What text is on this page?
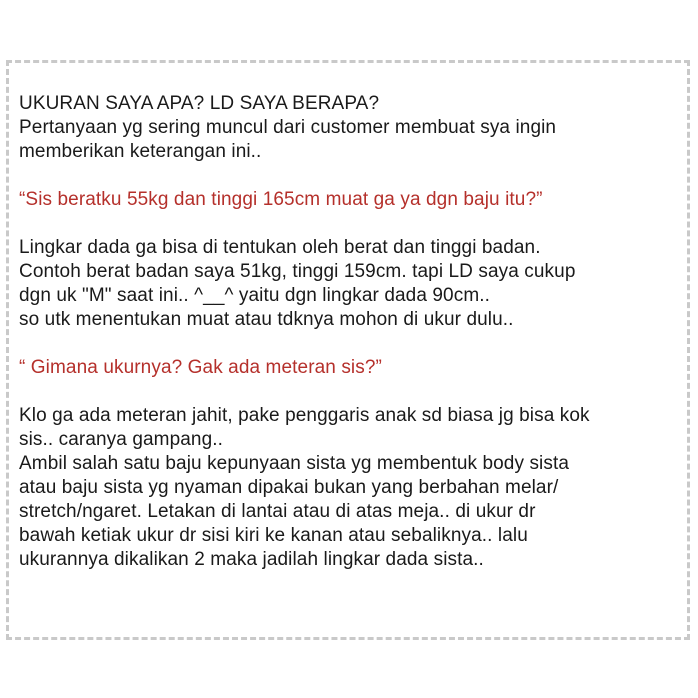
UKURAN SAYA APA? LD SAYA BERAPA?
Pertanyaan yg sering muncul dari customer membuat sya ingin
memberikan keterangan ini..
“Sis beratku 55kg dan tinggi 165cm muat ga ya dgn baju itu?”
Lingkar dada ga bisa di tentukan oleh berat dan tinggi badan.
Contoh berat badan saya 51kg, tinggi 159cm. tapi LD saya cukup
dgn uk "M" saat ini.. ^__^ yaitu dgn lingkar dada 90cm..
so utk menentukan muat atau tdknya mohon di ukur dulu..
“ Gimana ukurnya? Gak ada meteran sis?”
Klo ga ada meteran jahit, pake penggaris anak sd biasa jg bisa kok
sis.. caranya gampang..
Ambil salah satu baju kepunyaan sista yg membentuk body sista
atau baju sista yg nyaman dipakai bukan yang berbahan melar/
stretch/ngaret. Letakan di lantai atau di atas meja.. di ukur dr
bawah ketiak ukur dr sisi kiri ke kanan atau sebaliknya.. lalu
ukurannya dikalikan 2 maka jadilah lingkar dada sista..
